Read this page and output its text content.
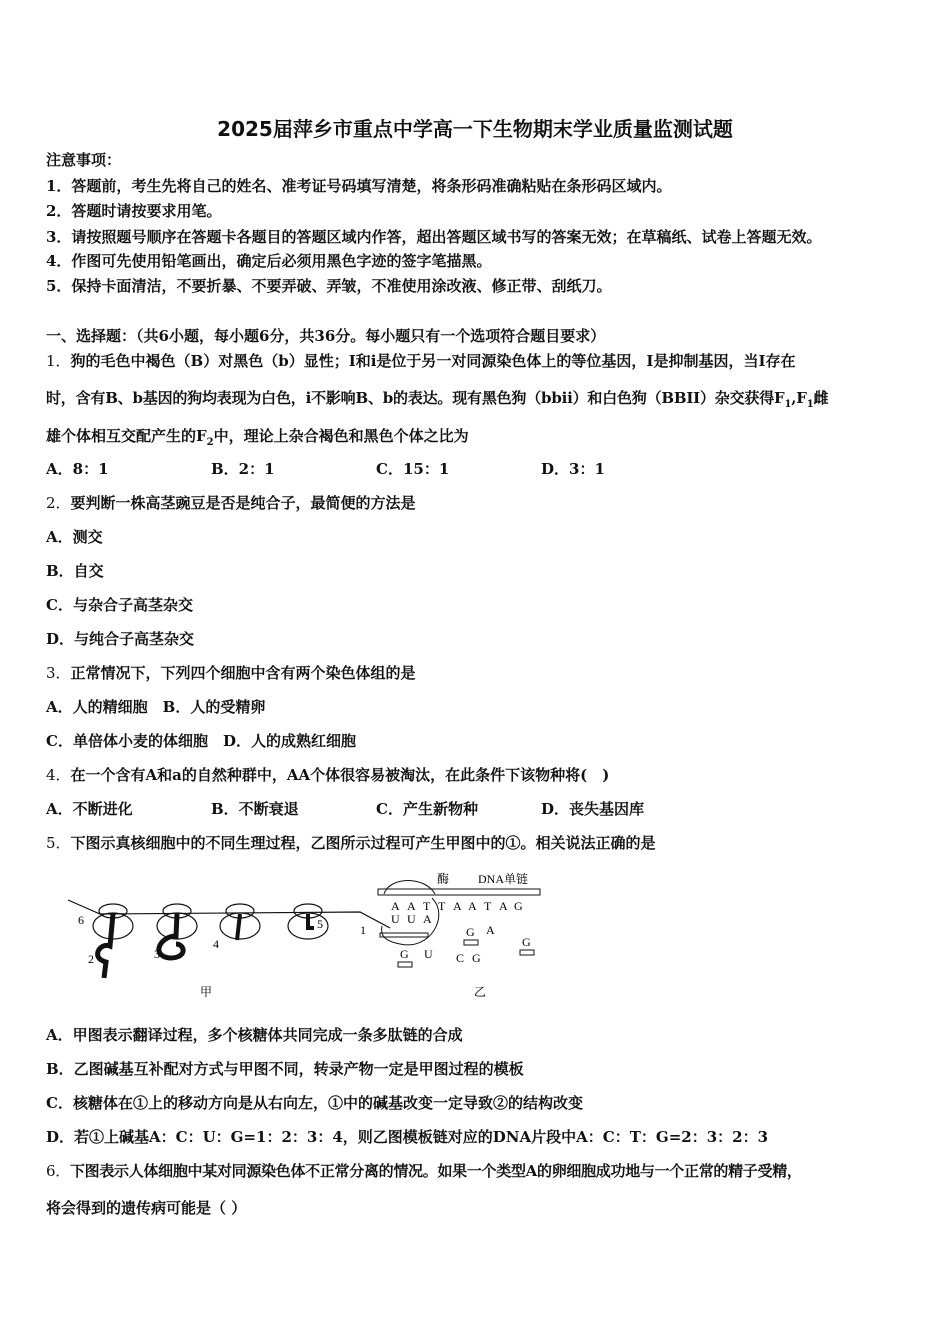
2025届萍乡市重点中学高一下生物期末学业质量监测试题
注意事项：
1．答题前，考生先将自己的姓名、准考证号码填写清楚，将条形码准确粘贴在条形码区域内。
2．答题时请按要求用笔。
3．请按照题号顺序在答题卡各题目的答题区域内作答，超出答题区域书写的答案无效；在草稿纸、试卷上答题无效。
4．作图可先使用铅笔画出，确定后必须用黑色字迹的签字笔描黑。
5．保持卡面清洁，不要折暴、不要弄破、弄皱，不准使用涂改液、修正带、刮纸刀。
一、选择题：（共6小题，每小题6分，共36分。每小题只有一个选项符合题目要求）
1．狗的毛色中褐色（B）对黑色（b）显性；I和i是位于另一对同源染色体上的等位基因，I是抑制基因，当I存在
时，含有B、b基因的狗均表现为白色，i不影响B、b的表达。现有黑色狗（bbii）和白色狗（BBII）杂交获得$F_1,F_1$雌
雄个体相互交配产生的$F_2$中，理论上杂合褐色和黑色个体之比为
A．8：1	B．2：1	C．15：1	D．3：1
2．要判断一株高茎豌豆是否是纯合子，最简便的方法是
A．测交
B．自交
C．与杂合子高茎杂交
D．与纯合子高茎杂交
3．正常情况下，下列四个细胞中含有两个染色体组的是
A．人的精细胞　B．人的受精卵
C．单倍体小麦的体细胞　D．人的成熟红细胞
4．在一个含有A和a的自然种群中，AA个体很容易被淘汰，在此条件下该物种将(　)
A．不断进化	B．不断衰退	C．产生新物种	D．丧失基因库
5．下图示真核细胞中的不同生理过程，乙图所示过程可产生甲图中的①。相关说法正确的是
6
2	3
4
5	1
甲
酶 DNA单链
A A T T A A T A G
U U A
G A
G
G U	G
C
乙
A．甲图表示翻译过程，多个核糖体共同完成一条多肽链的合成
B．乙图碱基互补配对方式与甲图不同，转录产物一定是甲图过程的模板
C．核糖体在①上的移动方向是从右向左，①中的碱基改变一定导致②的结构改变
D．若①上碱基A：C：U：G=1：2：3：4，则乙图模板链对应的DNA片段中A：C：T：G=2：3：2：3
6．下图表示人体细胞中某对同源染色体不正常分离的情况。如果一个类型A的卵细胞成功地与一个正常的精子受精，
将会得到的遗传病可能是（ ）
